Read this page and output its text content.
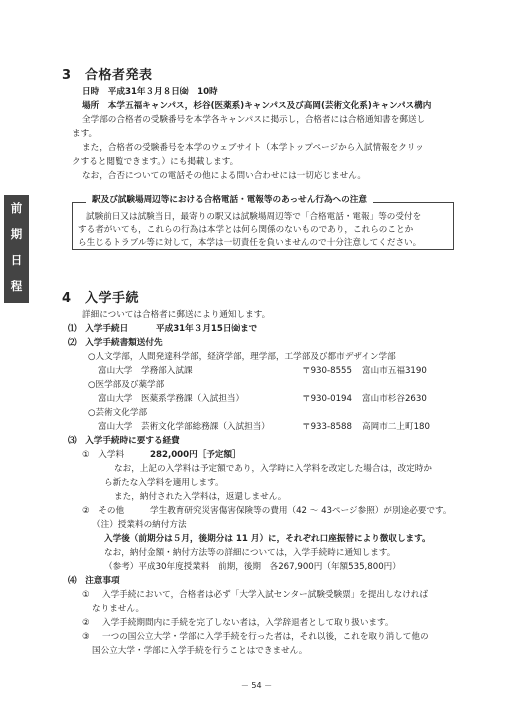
前
期
日
程
3　合格者発表
日時　平成31年３月８日㈮　10時
場所　本学五福キャンパス，杉谷(医薬系)キャンパス及び高岡(芸術文化系)キャンパス構内
全学部の合格者の受験番号を本学各キャンパスに掲示し，合格者には合格通知書を郵送し
ます。
また，合格者の受験番号を本学のウェブサイト（本学トップページから入試情報をクリッ
クすると閲覧できます。）にも掲載します。
なお，合否についての電話その他による問い合わせには一切応じません。
駅及び試験場周辺等における合格電話・電報等のあっせん行為への注意
試験前日又は試験当日，最寄りの駅又は試験場周辺等で「合格電話・電報」等の受付を
する者がいても，これらの行為は本学とは何ら関係のないものであり，これらのことか
ら生じるトラブル等に対して，本学は一切責任を負いませんので十分注意してください。
4　入学手続
詳細については合格者に郵送により通知します。
⑴　入学手続日	平成31年３月15日㈮まで
⑵　入学手続書類送付先
○人文学部，人間発達科学部，経済学部，理学部，工学部及び都市デザイン学部
富山大学　学務部入試課	〒930-8555 富山市五福3190
○医学部及び薬学部
富山大学　医薬系学務課（入試担当）	〒930-0194 富山市杉谷2630
○芸術文化学部
富山大学　芸術文化学部総務課（入試担当）	〒933-8588 高岡市二上町180
⑶　入学手続時に要する経費
①　入学料	282,000円［予定額］
なお，上記の入学料は予定額であり，入学時に入学料を改定した場合は，改定時か
ら新たな入学料を適用します。
また，納付された入学料は，返還しません。
②　その他	学生教育研究災害傷害保険等の費用（42 ～ 43ページ参照）が別途必要です。
（注）授業料の納付方法
入学後（前期分は５月，後期分は 11 月）に，それぞれ口座振替により徴収します。
なお，納付金額・納付方法等の詳細については，入学手続時に通知します。
（参考）平成30年度授業料　前期，後期　各267,900円（年額535,800円）
⑷　注意事項
① 入学手続において，合格者は必ず「大学入試センター試験受験票」を提出しなければ
なりません。
② 入学手続期間内に手続を完了しない者は，入学辞退者として取り扱います。
③ 一つの国公立大学・学部に入学手続を行った者は，それ以後，これを取り消して他の
国公立大学・学部に入学手続を行うことはできません。
－ 54 －
